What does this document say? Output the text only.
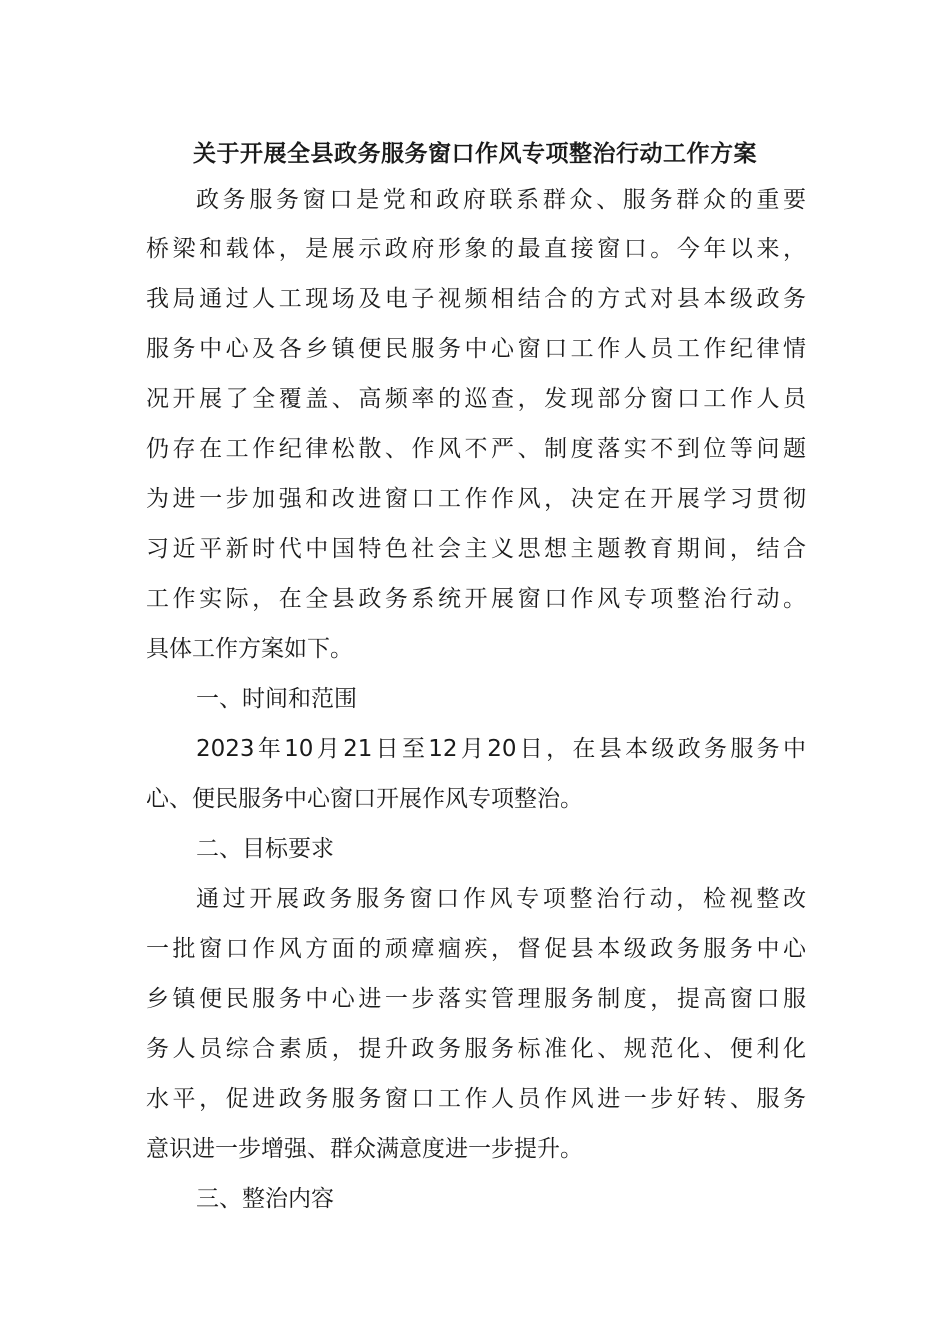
关于开展全县政务服务窗口作风专项整治行动工作方案
政务服务窗口是党和政府联系群众、服务群众的重要
桥梁和载体，是展示政府形象的最直接窗口。今年以来，
我局通过人工现场及电子视频相结合的方式对县本级政务
服务中心及各乡镇便民服务中心窗口工作人员工作纪律情
况开展了全覆盖、高频率的巡查，发现部分窗口工作人员
仍存在工作纪律松散、作风不严、制度落实不到位等问题
为进一步加强和改进窗口工作作风，决定在开展学习贯彻
习近平新时代中国特色社会主义思想主题教育期间，结合
工作实际，在全县政务系统开展窗口作风专项整治行动。
具体工作方案如下。
一、时间和范围
2023年10月21日至12月20日，在县本级政务服务中
心、便民服务中心窗口开展作风专项整治。
二、目标要求
通过开展政务服务窗口作风专项整治行动，检视整改
一批窗口作风方面的顽瘴痼疾，督促县本级政务服务中心
乡镇便民服务中心进一步落实管理服务制度，提高窗口服
务人员综合素质，提升政务服务标准化、规范化、便利化
水平，促进政务服务窗口工作人员作风进一步好转、服务
意识进一步增强、群众满意度进一步提升。
三、整治内容
